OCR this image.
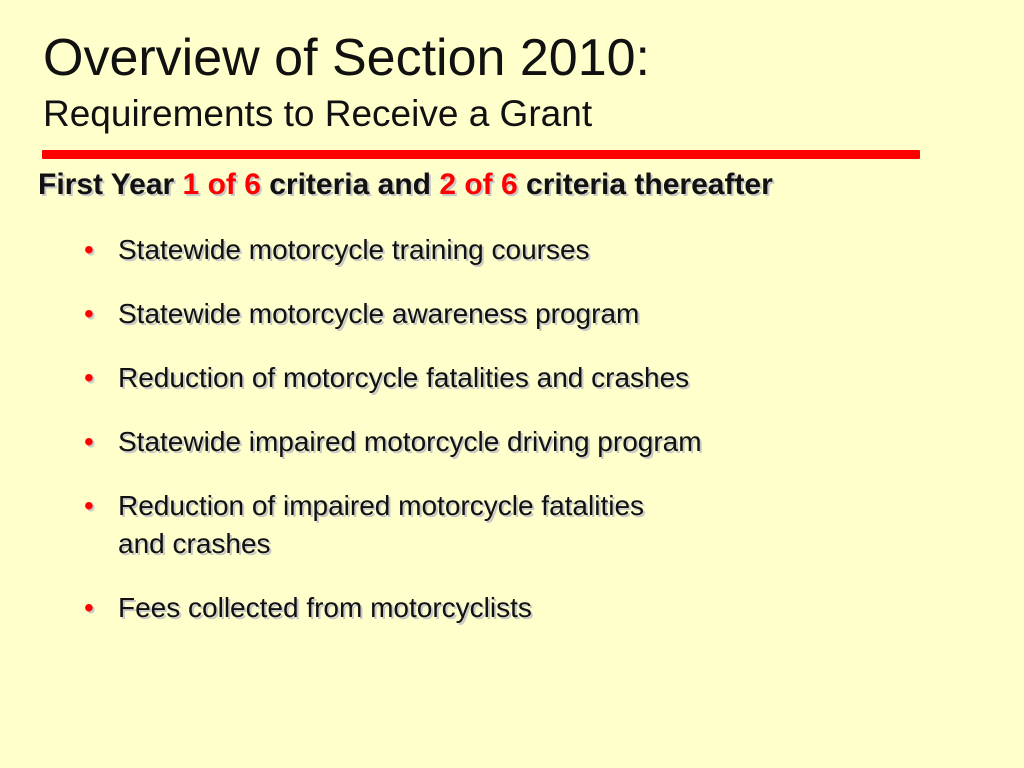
Overview of Section 2010:
Requirements to Receive a Grant

First Year 1 of 6 criteria and 2 of 6 criteria thereafter

• Statewide motorcycle training courses
• Statewide motorcycle awareness program
• Reduction of motorcycle fatalities and crashes
• Statewide impaired motorcycle driving program
• Reduction of impaired motorcycle fatalities
and crashes
• Fees collected from motorcyclists
